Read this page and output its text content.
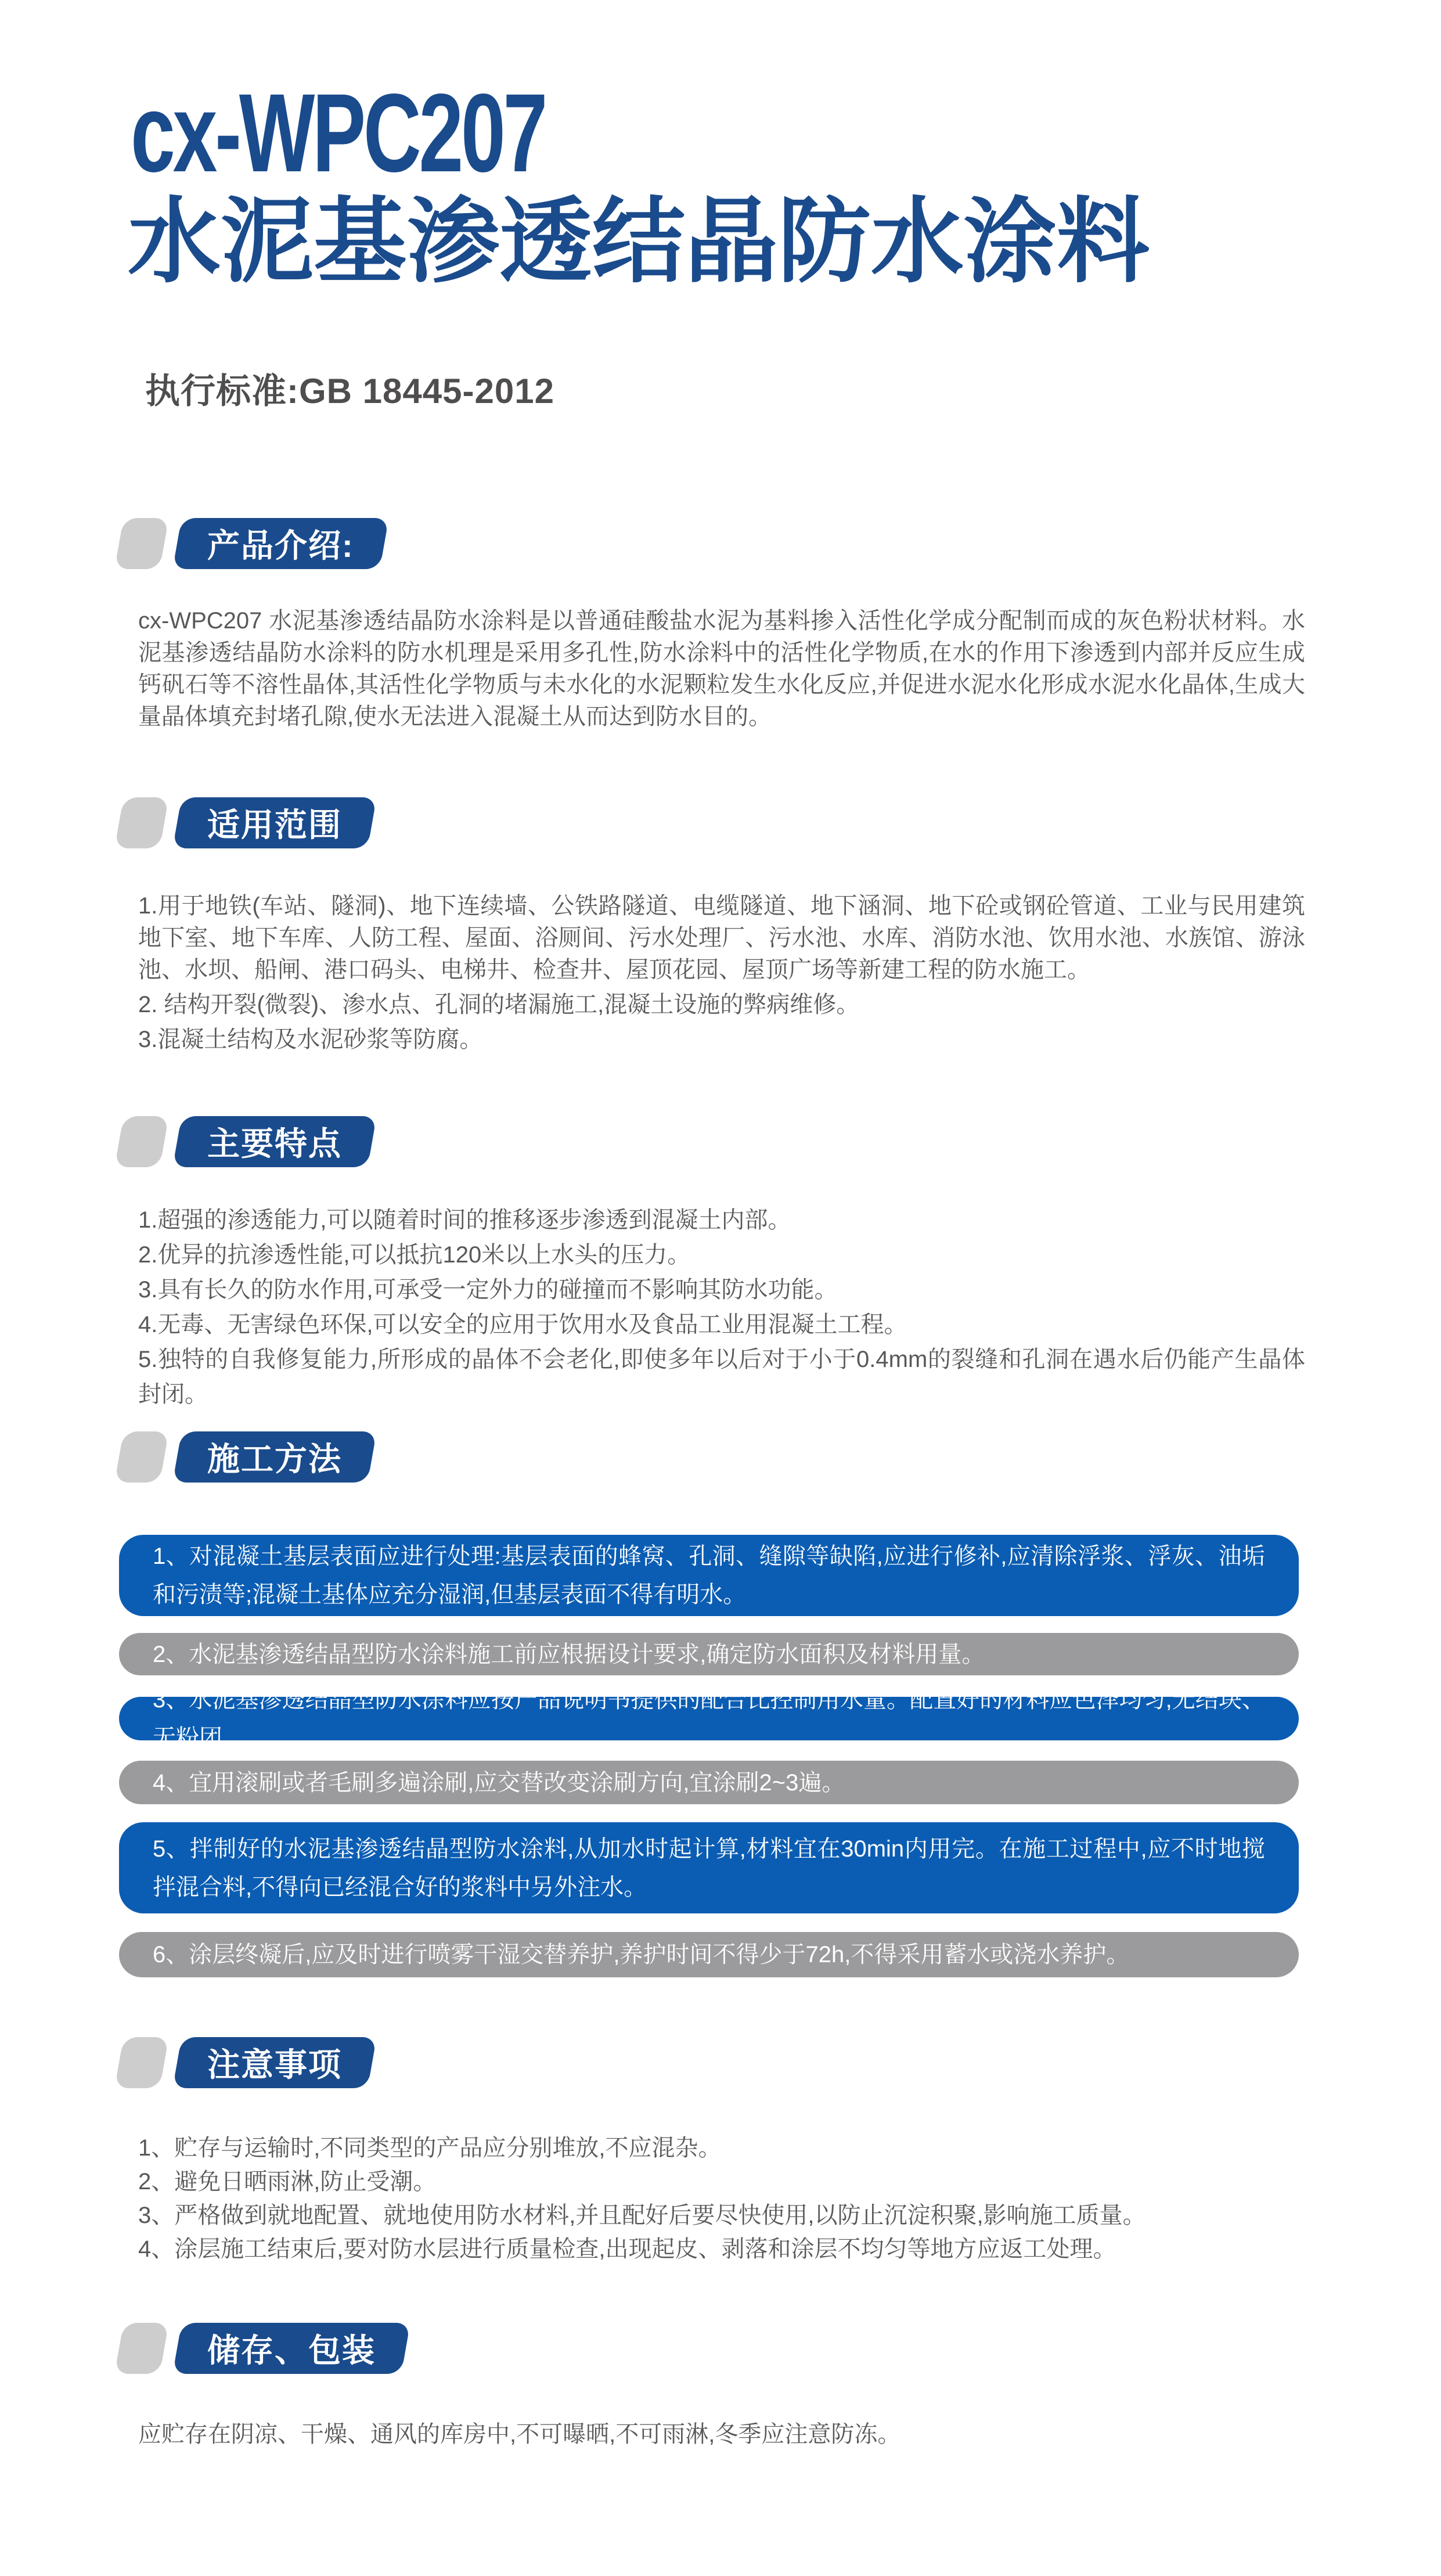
cx-WPC207
水泥基渗透结晶防水涂料
执行标准:GB 18445-2012
产品介绍:

cx-WPC207 水泥基渗透结晶防水涂料是以普通硅酸盐水泥为基料掺入活性化学成分配制而成的灰色粉状材料。水泥基渗透结晶防水涂料的防水机理是采用多孔性,防水涂料中的活性化学物质,在水的作用下渗透到内部并反应生成钙矾石等不溶性晶体,其活性化学物质与未水化的水泥颗粒发生水化反应,并促进水泥水化形成水泥水化晶体,生成大量晶体填充封堵孔隙,使水无法进入混凝土从而达到防水目的。

适用范围

1.用于地铁(车站、隧洞)、地下连续墙、公铁路隧道、电缆隧道、地下涵洞、地下砼或钢砼管道、工业与民用建筑地下室、地下车库、人防工程、屋面、浴厕间、污水处理厂、污水池、水库、消防水池、饮用水池、水族馆、游泳池、水坝、船闸、港口码头、电梯井、检查井、屋顶花园、屋顶广场等新建工程的防水施工。

2. 结构开裂(微裂)、渗水点、孔洞的堵漏施工,混凝土设施的弊病维修。

3.混凝土结构及水泥砂浆等防腐。

主要特点

1.超强的渗透能力,可以随着时间的推移逐步渗透到混凝土内部。

2.优异的抗渗透性能,可以抵抗120米以上水头的压力。

3.具有长久的防水作用,可承受一定外力的碰撞而不影响其防水功能。

4.无毒、无害绿色环保,可以安全的应用于饮用水及食品工业用混凝土工程。

5.独特的自我修复能力,所形成的晶体不会老化,即使多年以后对于小于0.4mm的裂缝和孔洞在遇水后仍能产生晶体封闭。

施工方法
1、对混凝土基层表面应进行处理:基层表面的蜂窝、孔洞、缝隙等缺陷,应进行修补,应清除浮浆、浮灰、油垢和污渍等;混凝土基体应充分湿润,但基层表面不得有明水。
2、水泥基渗透结晶型防水涂料施工前应根据设计要求,确定防水面积及材料用量。
3、水泥基渗透结晶型防水涂料应按产品说明书提供的配合比控制用水量。配置好的材料应色泽均匀,无结块、无粉团。
4、宜用滚刷或者毛刷多遍涂刷,应交替改变涂刷方向,宜涂刷2~3遍。
5、拌制好的水泥基渗透结晶型防水涂料,从加水时起计算,材料宜在30min内用完。在施工过程中,应不时地搅拌混合料,不得向已经混合好的浆料中另外注水。
6、涂层终凝后,应及时进行喷雾干湿交替养护,养护时间不得少于72h,不得采用蓄水或浇水养护。
注意事项

1、贮存与运输时,不同类型的产品应分别堆放,不应混杂。

2、避免日晒雨淋,防止受潮。

3、严格做到就地配置、就地使用防水材料,并且配好后要尽快使用,以防止沉淀积聚,影响施工质量。

4、涂层施工结束后,要对防水层进行质量检查,出现起皮、剥落和涂层不均匀等地方应返工处理。

储存、包装

应贮存在阴凉、干燥、通风的库房中,不可曝晒,不可雨淋,冬季应注意防冻。
